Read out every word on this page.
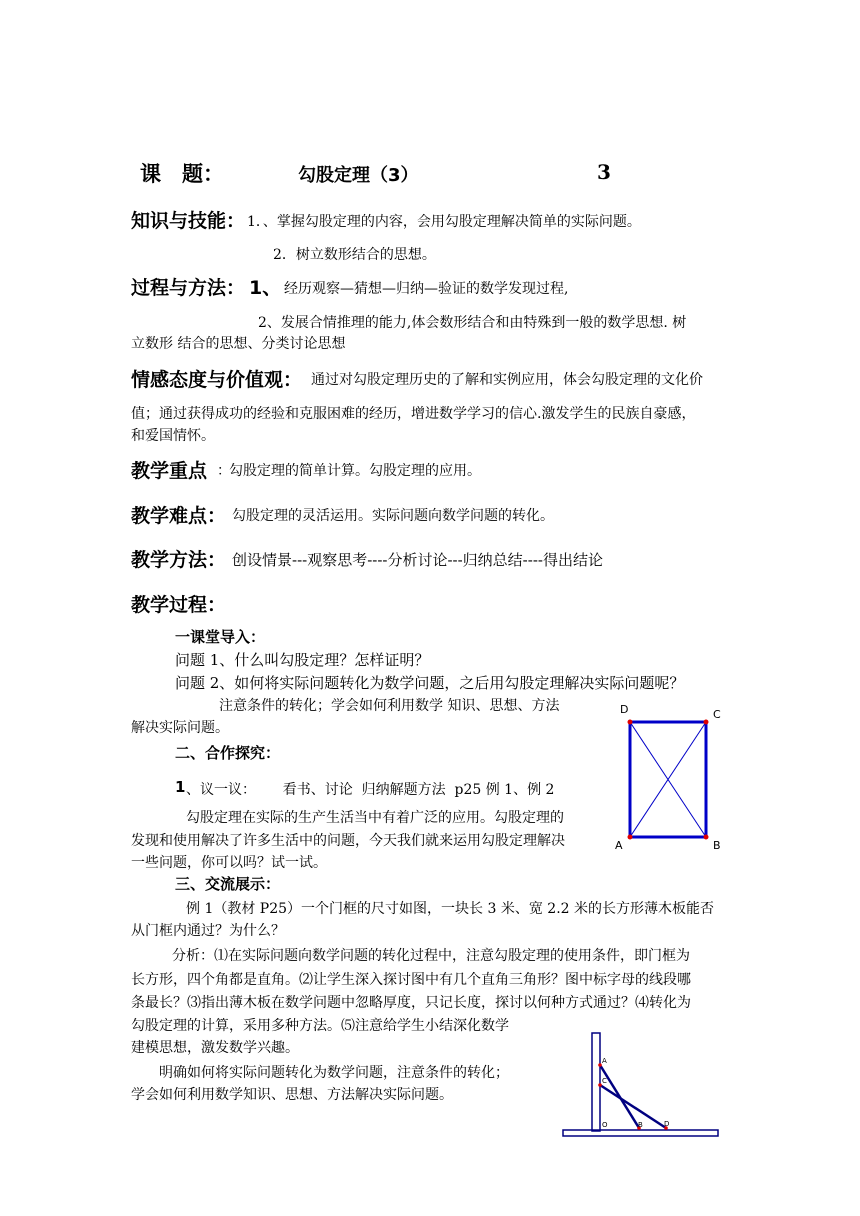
课　题：	勾股定理（3）	3
知识与技能： 1．、掌握勾股定理的内容，会用勾股定理解决简单的实际问题。
2．树立数形结合的思想。
过程与方法： 1、 经历观察—猜想—归纳—验证的数学发现过程,
2、发展合情推理的能力,体会数形结合和由特殊到一般的数学思想. 树
立数形 结合的思想、分类讨论思想
情感态度与价值观： 通过对勾股定理历史的了解和实例应用，体会勾股定理的文化价
值；通过获得成功的经验和克服困难的经历，增进数学学习的信心.激发学生的民族自豪感，
和爱国情怀。
教学重点 ：
勾股定理的简单计算。勾股定理的应用。
教学难点： 勾股定理的灵活运用。实际问题向数学问题的转化。
教学方法： 创设情景---观察思考----分析讨论---归纳总结----得出结论
教学过程：
一课堂导入：
问题 1、什么叫勾股定理？怎样证明？
问题 2、如何将实际问题转化为数学问题，之后用勾股定理解决实际问题呢？
注意条件的转化；学会如何利用数学 知识、思想、方法
解决实际问题。
二、合作探究：
1 、议一议：      看书、讨论  归纳解题方法  p25 例 1、例 2
勾股定理在实际的生产生活当中有着广泛的应用。勾股定理的
发现和使用解决了许多生活中的问题，今天我们就来运用勾股定理解决
一些问题，你可以吗？试一试。
三、交流展示：
例 1（教材 P25）一个门框的尺寸如图，一块长 3 米、宽 2.2 米的长方形薄木板能否
从门框内通过？为什么？
分析：⑴在实际问题向数学问题的转化过程中，注意勾股定理的使用条件，即门框为
长方形，四个角都是直角。⑵让学生深入探讨图中有几个直角三角形？图中标字母的线段哪
条最长？⑶指出薄木板在数学问题中忽略厚度，只记长度，探讨以何种方式通过？⑷转化为
勾股定理的计算，采用多种方法。⑸注意给学生小结深化数学
建模思想，激发数学兴趣。
明确如何将实际问题转化为数学问题，注意条件的转化；
学会如何利用数学知识、思想、方法解决实际问题。
D	C
A	B
A
C
O	B	D
